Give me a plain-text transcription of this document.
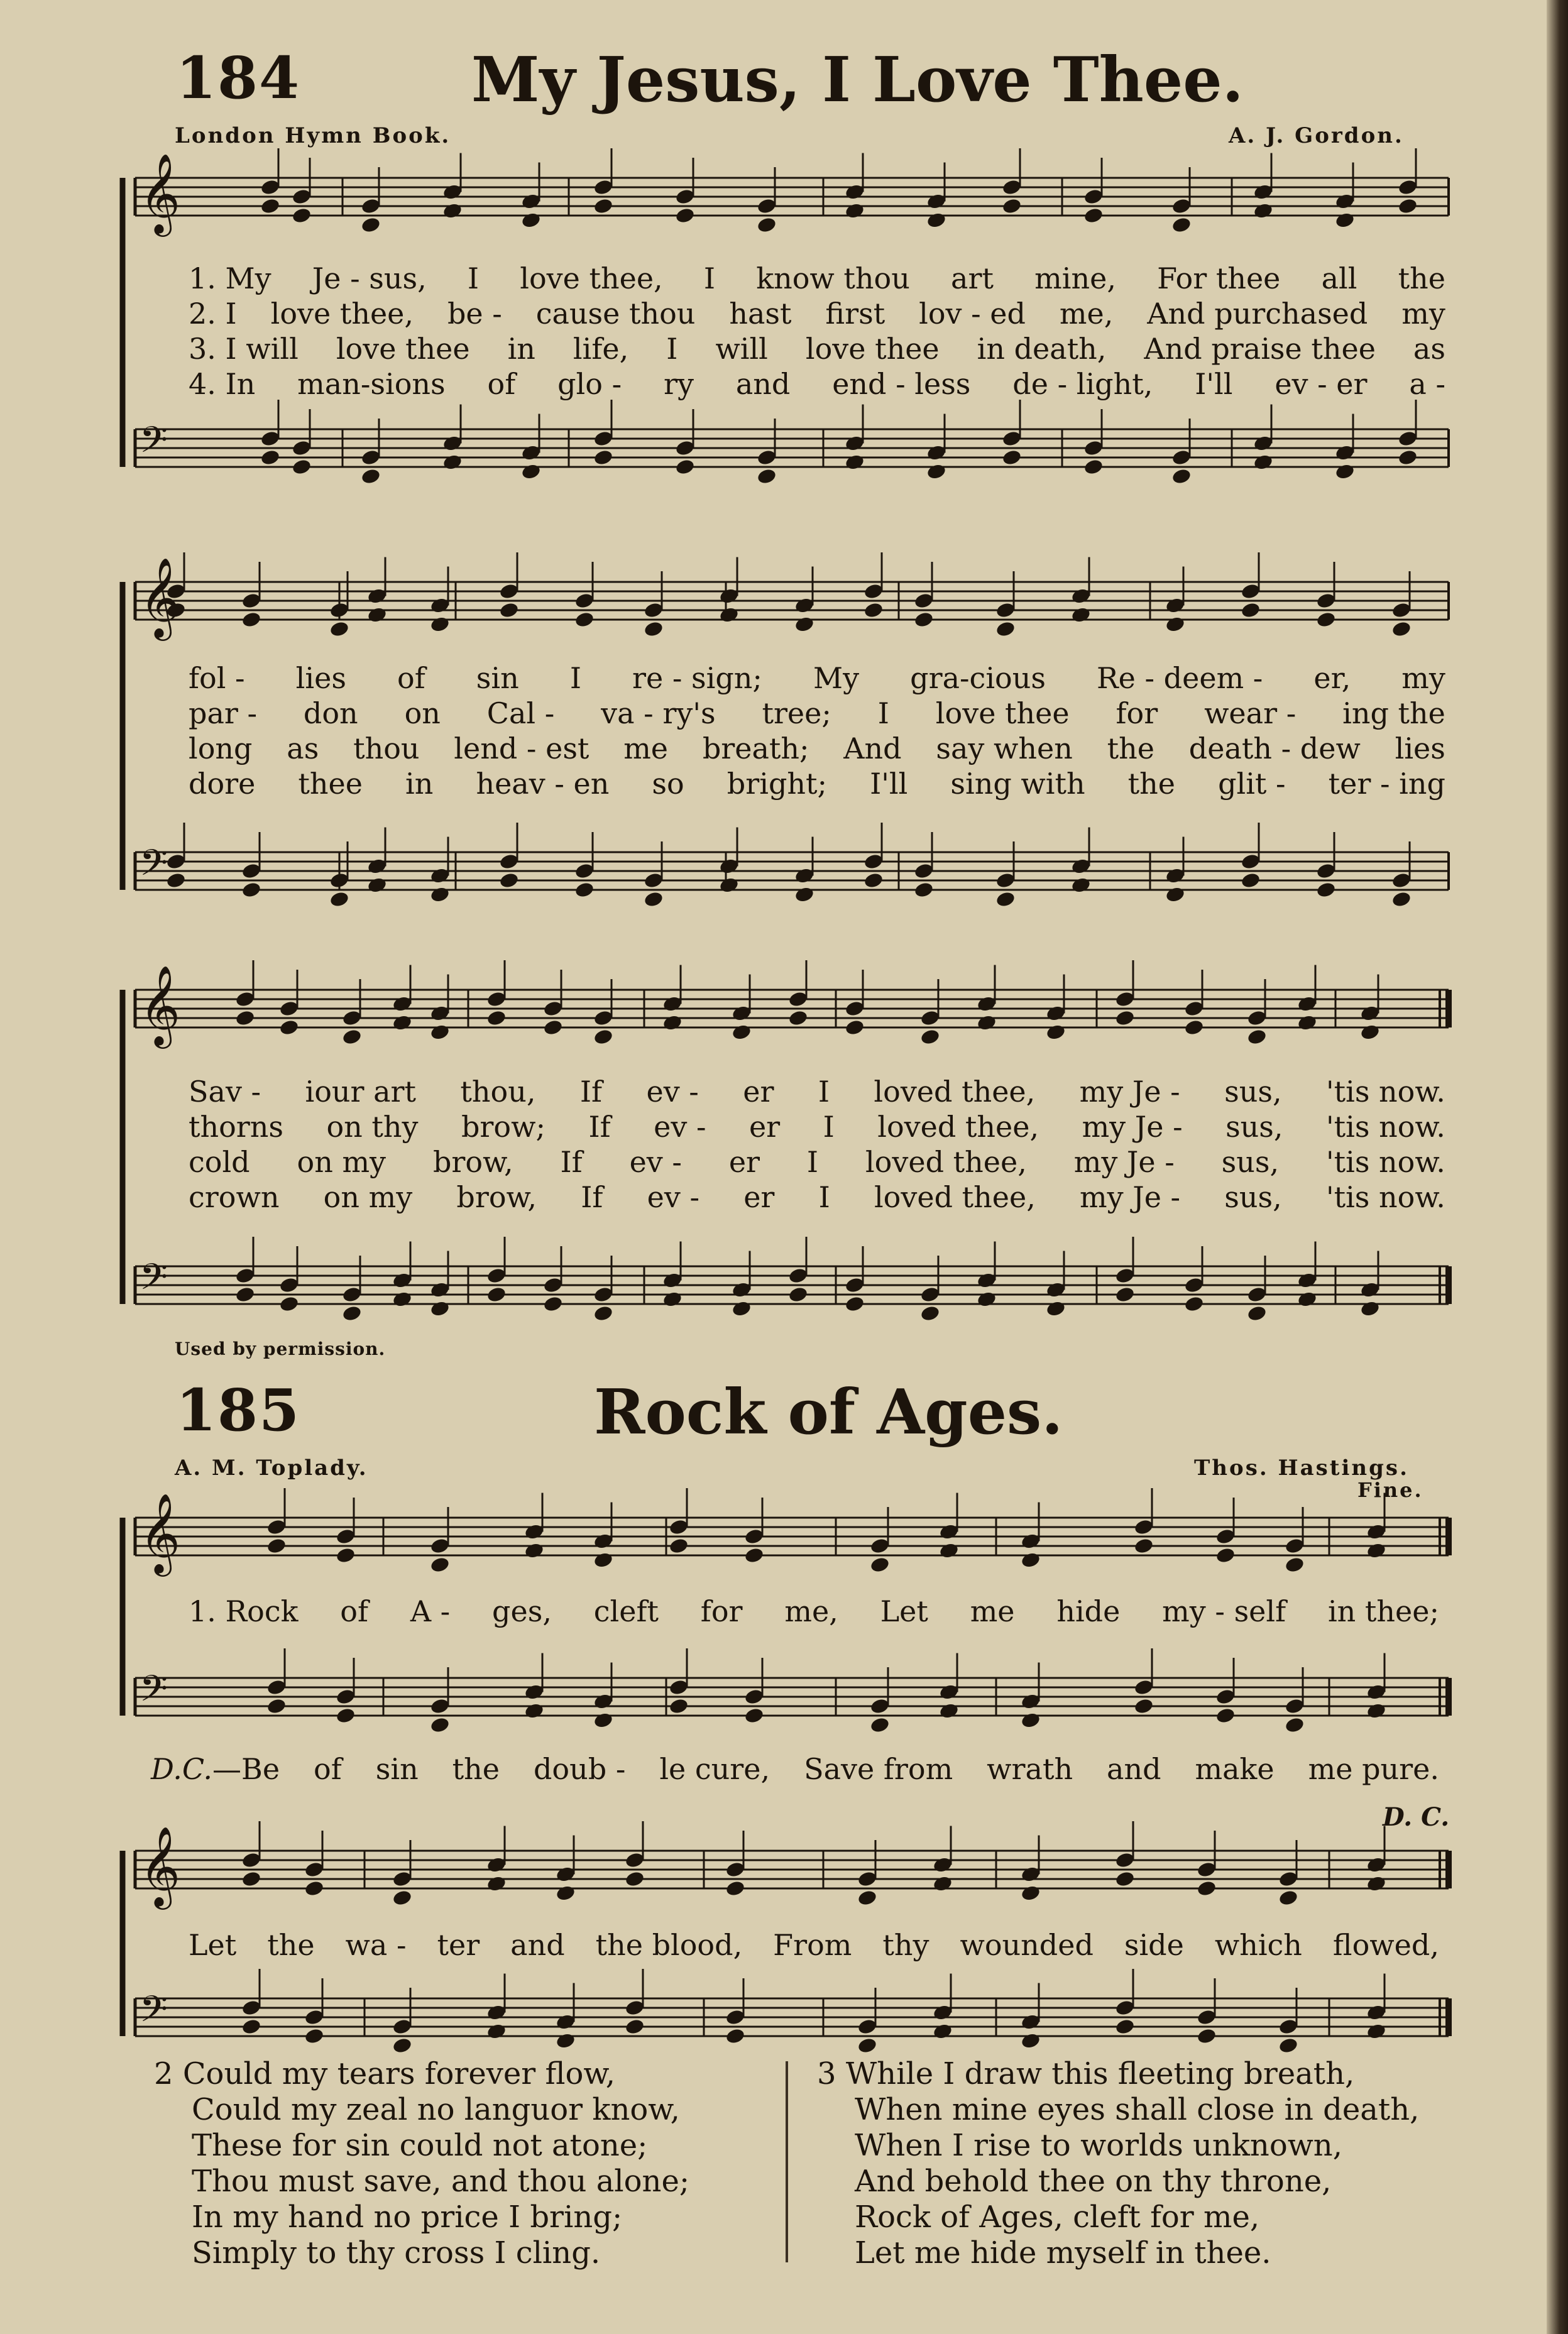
184	My Jesus, I Love Thee.
London Hymn Book.	A. J. Gordon.
𝄞
𝄞
𝄞
𝄞
𝄞
𝄢
𝄢
𝄢
𝄢
𝄢
1. My Je - sus, I love thee, I know thou art mine, For thee all the
2. I love thee, be - cause thou hast first lov - ed me, And purchased my
3. I will love thee in life, I will love thee in death, And praise thee as
4. In man-sions of glo - ry and end - less de - light, I'll ev - er a -
fol - lies of sin I re - sign; My gra-cious Re - deem - er, my
par - don on Cal - va - ry's tree; I love thee for wear - ing the
long as thou lend - est me breath; And say when the death - dew lies
dore thee in heav - en so bright; I'll sing with the glit - ter - ing
Sav - iour art thou, If ev - er I loved thee, my Je - sus, 'tis now.
thorns on thy brow; If ev - er I loved thee, my Je - sus, 'tis now.
cold on my brow, If ev - er I loved thee, my Je - sus, 'tis now.
crown on my brow, If ev - er I loved thee, my Je - sus, 'tis now.
Used by permission.
185	Rock of Ages.
A. M. Toplady.	Thos. Hastings.
Fine.
D. C.
1. Rock of A - ges, cleft for me, Let me hide my - self in thee;
D.C.—Be of sin the doub - le cure, Save from wrath and make me pure.
Let the wa - ter and the blood, From thy wounded side which flowed,
2 Could my tears forever flow,
Could my zeal no languor know,
These for sin could not atone;
Thou must save, and thou alone;
In my hand no price I bring;
Simply to thy cross I cling.
3 While I draw this fleeting breath,
When mine eyes shall close in death,
When I rise to worlds unknown,
And behold thee on thy throne,
Rock of Ages, cleft for me,
Let me hide myself in thee.
